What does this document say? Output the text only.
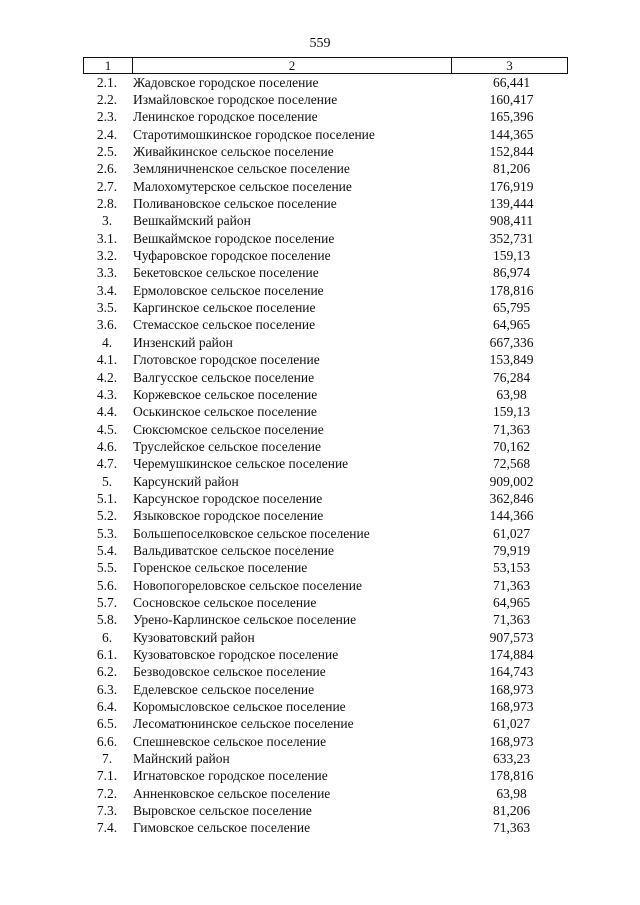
559
1	2	3
2.1.	Жадовское городское поселение	66,441
2.2.	Измайловское городское поселение	160,417
2.3.	Ленинское городское поселение	165,396
2.4.	Старотимошкинское городское поселение	144,365
2.5.	Живайкинское сельское поселение	152,844
2.6.	Земляничненское сельское поселение	81,206
2.7.	Малохомутерское сельское поселение	176,919
2.8.	Поливановское сельское поселение	139,444
3.	Вешкаймский район	908,411
3.1.	Вешкаймское городское поселение	352,731
3.2.	Чуфаровское городское поселение	159,13
3.3.	Бекетовское сельское поселение	86,974
3.4.	Ермоловское сельское поселение	178,816
3.5.	Каргинское сельское поселение	65,795
3.6.	Стемасское сельское поселение	64,965
4.	Инзенский район	667,336
4.1.	Глотовское городское поселение	153,849
4.2.	Валгусское сельское поселение	76,284
4.3.	Коржевское сельское поселение	63,98
4.4.	Оськинское сельское поселение	159,13
4.5.	Сюксюмское сельское поселение	71,363
4.6.	Труслейское сельское поселение	70,162
4.7.	Черемушкинское сельское поселение	72,568
5.	Карсунский район	909,002
5.1.	Карсунское городское поселение	362,846
5.2.	Языковское городское поселение	144,366
5.3.	Большепоселковское сельское поселение	61,027
5.4.	Вальдиватское сельское поселение	79,919
5.5.	Горенское сельское поселение	53,153
5.6.	Новопогореловское сельское поселение	71,363
5.7.	Сосновское сельское поселение	64,965
5.8.	Урено-Карлинское сельское поселение	71,363
6.	Кузоватовский район	907,573
6.1.	Кузоватовское городское поселение	174,884
6.2.	Безводовское сельское поселение	164,743
6.3.	Еделевское сельское поселение	168,973
6.4.	Коромысловское сельское поселение	168,973
6.5.	Лесоматюнинское сельское поселение	61,027
6.6.	Спешневское сельское поселение	168,973
7.	Майнский район	633,23
7.1.	Игнатовское городское поселение	178,816
7.2.	Анненковское сельское поселение	63,98
7.3.	Выровское сельское поселение	81,206
7.4.	Гимовское сельское поселение	71,363
